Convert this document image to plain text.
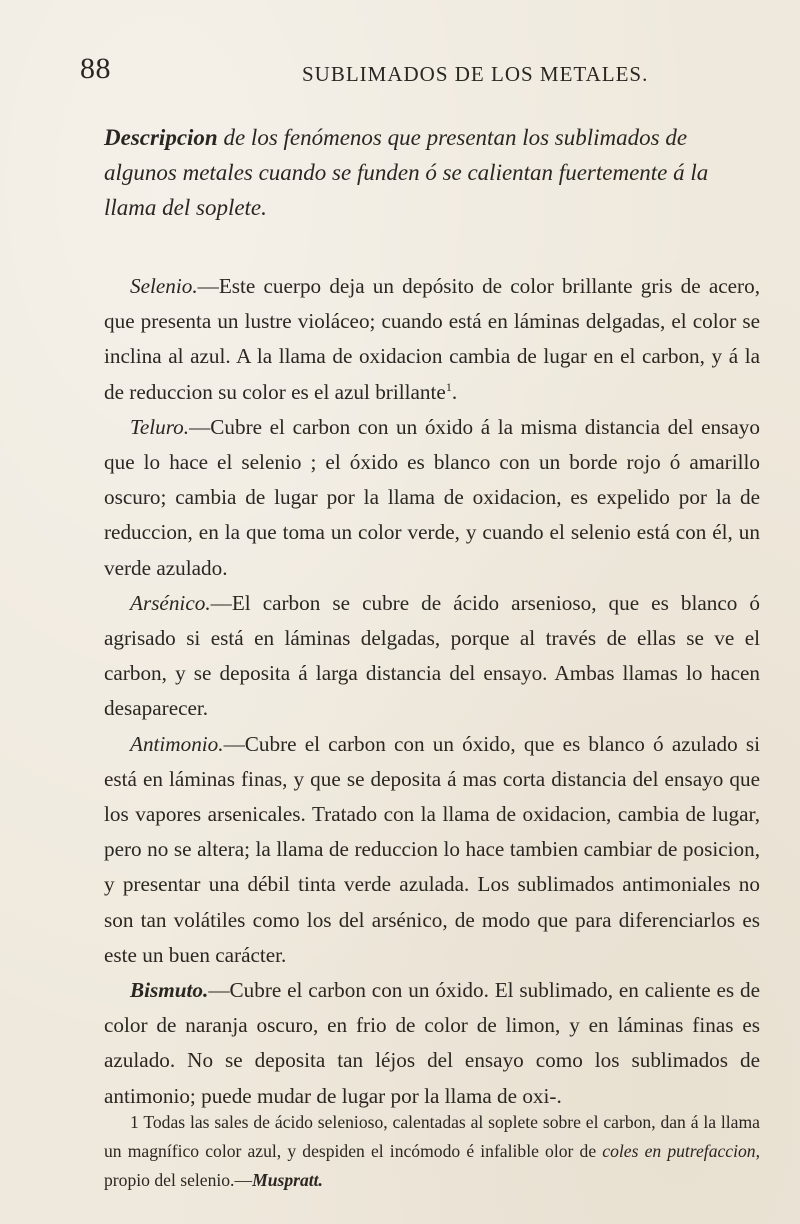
88	SUBLIMADOS DE LOS METALES.

Descripcion de los fenómenos que presentan los sublimados de algunos metales cuando se funden ó se calientan fuertemente á la llama del soplete.

Selenio.—Este cuerpo deja un depósito de color brillante gris de acero, que presenta un lustre violáceo; cuando está en láminas delgadas, el color se inclina al azul. A la llama de oxidacion cambia de lugar en el carbon, y á la de reduccion su color es el azul brillante$^1$.

Teluro.—Cubre el carbon con un óxido á la misma distancia del ensayo que lo hace el selenio ; el óxido es blanco con un borde rojo ó amarillo oscuro; cambia de lugar por la llama de oxidacion, es expelido por la de reduccion, en la que toma un color verde, y cuando el selenio está con él, un verde azulado.

Arsénico.—El carbon se cubre de ácido arsenioso, que es blanco ó agrisado si está en láminas delgadas, porque al través de ellas se ve el carbon, y se deposita á larga distancia del ensayo. Ambas llamas lo hacen desaparecer.

Antimonio.—Cubre el carbon con un óxido, que es blanco ó azulado si está en láminas finas, y que se deposita á mas corta distancia del ensayo que los vapores arsenicales. Tratado con la llama de oxidacion, cambia de lugar, pero no se altera; la llama de reduccion lo hace tambien cambiar de posicion, y presentar una débil tinta verde azulada. Los sublimados antimoniales no son tan volátiles como los del arsénico, de modo que para diferenciarlos es este un buen carácter.

Bismuto.—Cubre el carbon con un óxido. El sublimado, en caliente es de color de naranja oscuro, en frio de color de limon, y en láminas finas es azulado. No se deposita tan léjos del ensayo como los sublimados de antimonio; puede mudar de lugar por la llama de oxi-.

1 Todas las sales de ácido selenioso, calentadas al soplete sobre el carbon, dan á la llama un magnífico color azul, y despiden el incómodo é infalible olor de coles en putrefaccion, propio del selenio.—Muspratt.
